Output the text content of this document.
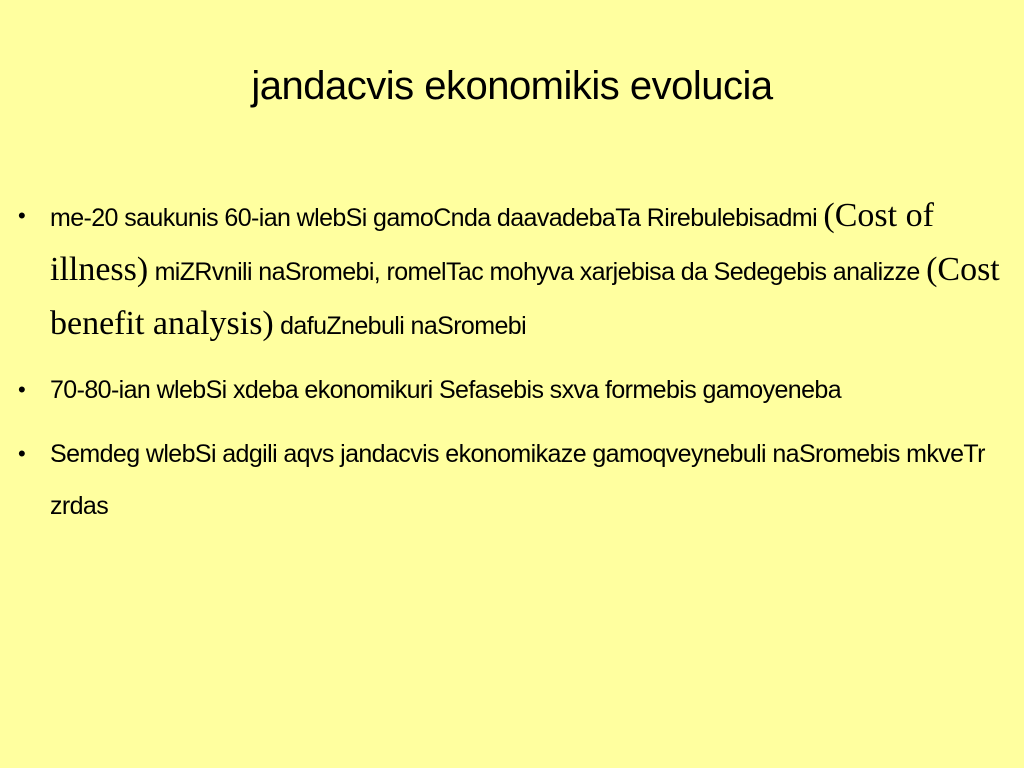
jandacvis ekonomikis evolucia
• me-20 saukunis 60-ian wlebSi gamoCnda daavadebaTa Rirebulebisadmi (Cost of illness) miZRvnili naSromebi, romelTac mohyva xarjebisa da Sedegebis analizze (Cost benefit analysis) dafuZnebuli naSromebi
• 70-80-ian wlebSi xdeba ekonomikuri Sefasebis sxva formebis gamoyeneba
• Semdeg wlebSi adgili aqvs jandacvis ekonomikaze gamoqveynebuli naSromebis mkveTr zrdas
